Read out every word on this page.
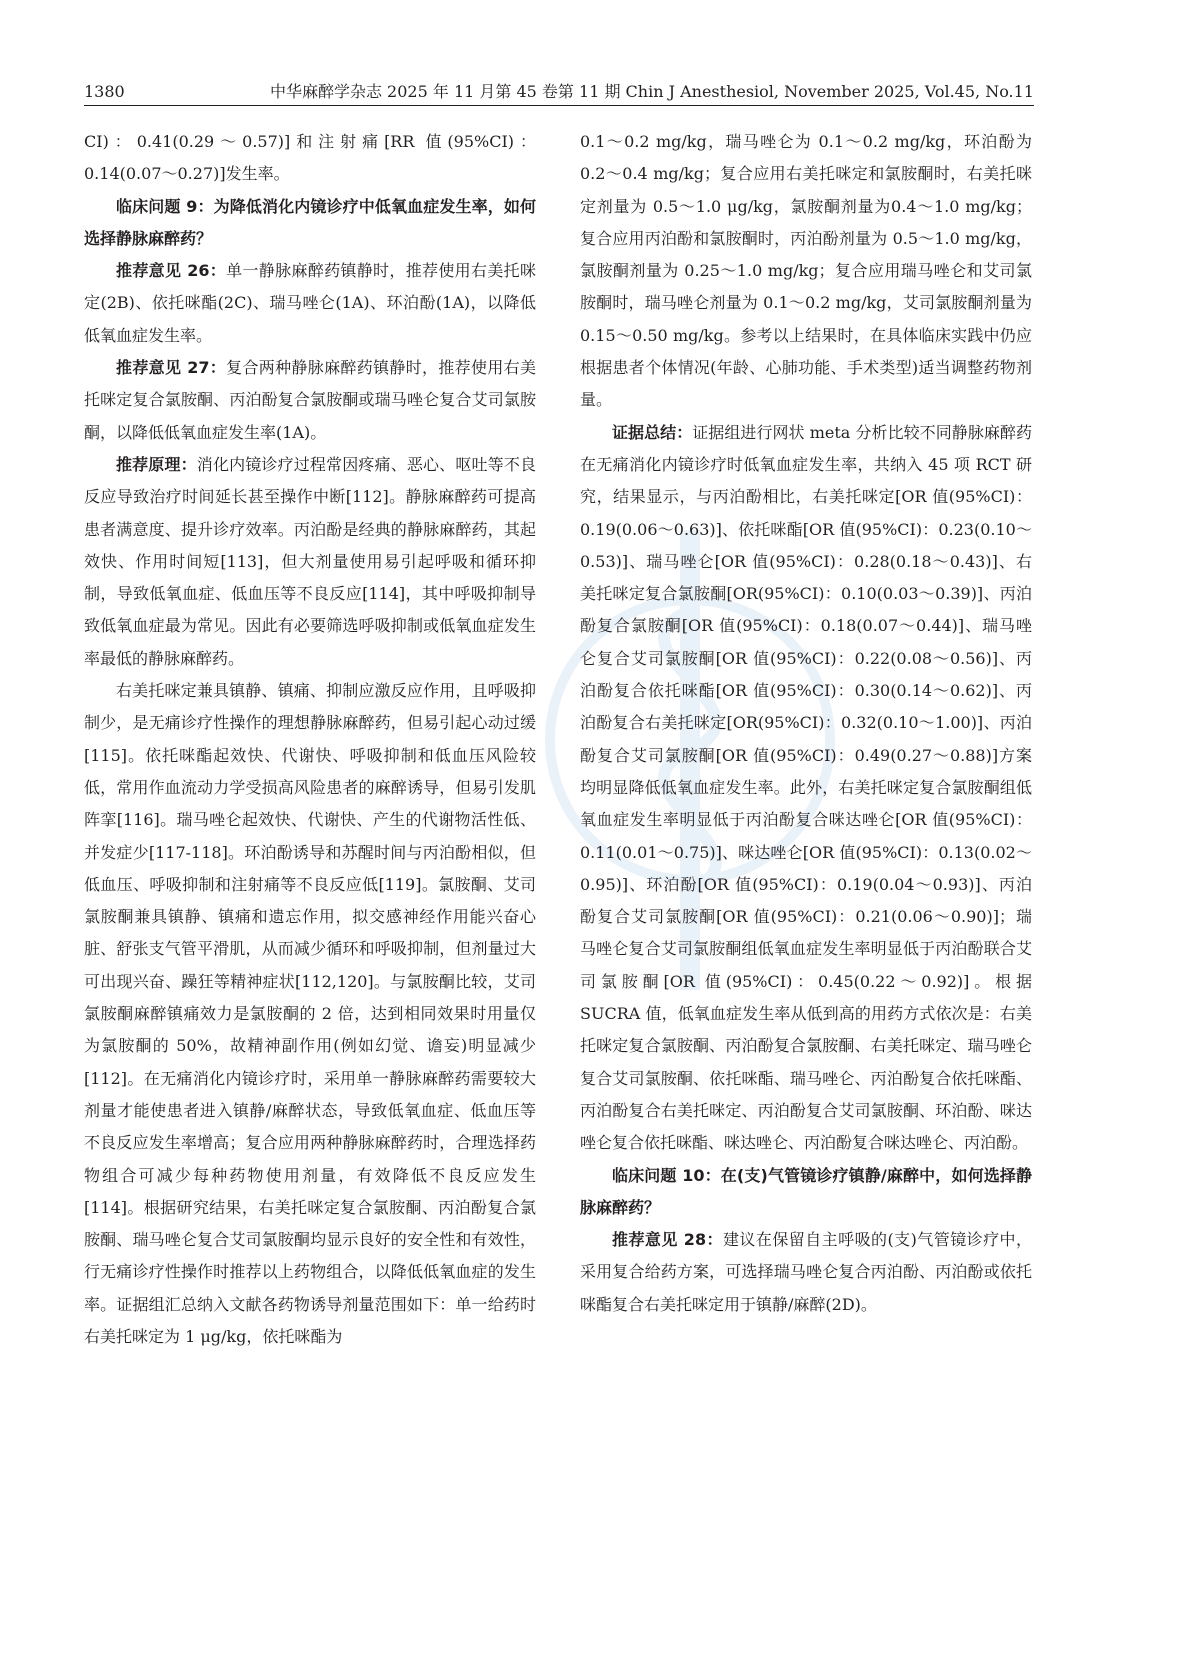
1380	中华麻醉学杂志 2025 年 11 月第 45 卷第 11 期 Chin J Anesthesiol, November 2025, Vol.45, No.11

CI)：0.41(0.29～0.57)]和注射痛[RR 值(95%CI)：0.14(0.07～0.27)]发生率。

临床问题 9：为降低消化内镜诊疗中低氧血症发生率，如何选择静脉麻醉药？

推荐意见 26：单一静脉麻醉药镇静时，推荐使用右美托咪定(2B)、依托咪酯(2C)、瑞马唑仑(1A)、环泊酚(1A)，以降低低氧血症发生率。

推荐意见 27：复合两种静脉麻醉药镇静时，推荐使用右美托咪定复合氯胺酮、丙泊酚复合氯胺酮或瑞马唑仑复合艾司氯胺酮，以降低低氧血症发生率(1A)。

推荐原理：消化内镜诊疗过程常因疼痛、恶心、呕吐等不良反应导致治疗时间延长甚至操作中断[112]。静脉麻醉药可提高患者满意度、提升诊疗效率。丙泊酚是经典的静脉麻醉药，其起效快、作用时间短[113]，但大剂量使用易引起呼吸和循环抑制，导致低氧血症、低血压等不良反应[114]，其中呼吸抑制导致低氧血症最为常见。因此有必要筛选呼吸抑制或低氧血症发生率最低的静脉麻醉药。

右美托咪定兼具镇静、镇痛、抑制应激反应作用，且呼吸抑制少，是无痛诊疗性操作的理想静脉麻醉药，但易引起心动过缓[115]。依托咪酯起效快、代谢快、呼吸抑制和低血压风险较低，常用作血流动力学受损高风险患者的麻醉诱导，但易引发肌阵挛[116]。瑞马唑仑起效快、代谢快、产生的代谢物活性低、并发症少[117-118]。环泊酚诱导和苏醒时间与丙泊酚相似，但低血压、呼吸抑制和注射痛等不良反应低[119]。氯胺酮、艾司氯胺酮兼具镇静、镇痛和遗忘作用，拟交感神经作用能兴奋心脏、舒张支气管平滑肌，从而减少循环和呼吸抑制，但剂量过大可出现兴奋、躁狂等精神症状[112,120]。与氯胺酮比较，艾司氯胺酮麻醉镇痛效力是氯胺酮的 2 倍，达到相同效果时用量仅为氯胺酮的 50%，故精神副作用(例如幻觉、谵妄)明显减少[112]。在无痛消化内镜诊疗时，采用单一静脉麻醉药需要较大剂量才能使患者进入镇静/麻醉状态，导致低氧血症、低血压等不良反应发生率增高；复合应用两种静脉麻醉药时，合理选择药物组合可减少每种药物使用剂量，有效降低不良反应发生[114]。根据研究结果，右美托咪定复合氯胺酮、丙泊酚复合氯胺酮、瑞马唑仑复合艾司氯胺酮均显示良好的安全性和有效性，行无痛诊疗性操作时推荐以上药物组合，以降低低氧血症的发生率。证据组汇总纳入文献各药物诱导剂量范围如下：单一给药时右美托咪定为 1 μg/kg，依托咪酯为

0.1～0.2 mg/kg，瑞马唑仑为 0.1～0.2 mg/kg，环泊酚为 0.2～0.4 mg/kg；复合应用右美托咪定和氯胺酮时，右美托咪定剂量为 0.5～1.0 μg/kg，氯胺酮剂量为0.4～1.0 mg/kg；复合应用丙泊酚和氯胺酮时，丙泊酚剂量为 0.5～1.0 mg/kg，氯胺酮剂量为 0.25～1.0 mg/kg；复合应用瑞马唑仑和艾司氯胺酮时，瑞马唑仑剂量为 0.1～0.2 mg/kg，艾司氯胺酮剂量为 0.15～0.50 mg/kg。参考以上结果时，在具体临床实践中仍应根据患者个体情况(年龄、心肺功能、手术类型)适当调整药物剂量。

证据总结：证据组进行网状 meta 分析比较不同静脉麻醉药在无痛消化内镜诊疗时低氧血症发生率，共纳入 45 项 RCT 研究，结果显示，与丙泊酚相比，右美托咪定[OR 值(95%CI)：0.19(0.06～0.63)]、依托咪酯[OR 值(95%CI)：0.23(0.10～0.53)]、瑞马唑仑[OR 值(95%CI)：0.28(0.18～0.43)]、右美托咪定复合氯胺酮[OR(95%CI)：0.10(0.03～0.39)]、丙泊酚复合氯胺酮[OR 值(95%CI)：0.18(0.07～0.44)]、瑞马唑仑复合艾司氯胺酮[OR 值(95%CI)：0.22(0.08～0.56)]、丙泊酚复合依托咪酯[OR 值(95%CI)：0.30(0.14～0.62)]、丙泊酚复合右美托咪定[OR(95%CI)：0.32(0.10～1.00)]、丙泊酚复合艾司氯胺酮[OR 值(95%CI)：0.49(0.27～0.88)]方案均明显降低低氧血症发生率。此外，右美托咪定复合氯胺酮组低氧血症发生率明显低于丙泊酚复合咪达唑仑[OR 值(95%CI)：0.11(0.01～0.75)]、咪达唑仑[OR 值(95%CI)：0.13(0.02～0.95)]、环泊酚[OR 值(95%CI)：0.19(0.04～0.93)]、丙泊酚复合艾司氯胺酮[OR 值(95%CI)：0.21(0.06～0.90)]；瑞马唑仑复合艾司氯胺酮组低氧血症发生率明显低于丙泊酚联合艾司氯胺酮[OR 值(95%CI)：0.45(0.22～0.92)]。根据 SUCRA 值，低氧血症发生率从低到高的用药方式依次是：右美托咪定复合氯胺酮、丙泊酚复合氯胺酮、右美托咪定、瑞马唑仑复合艾司氯胺酮、依托咪酯、瑞马唑仑、丙泊酚复合依托咪酯、丙泊酚复合右美托咪定、丙泊酚复合艾司氯胺酮、环泊酚、咪达唑仑复合依托咪酯、咪达唑仑、丙泊酚复合咪达唑仑、丙泊酚。

临床问题 10：在(支)气管镜诊疗镇静/麻醉中，如何选择静脉麻醉药？

推荐意见 28：建议在保留自主呼吸的(支)气管镜诊疗中，采用复合给药方案，可选择瑞马唑仑复合丙泊酚、丙泊酚或依托咪酯复合右美托咪定用于镇静/麻醉(2D)。
